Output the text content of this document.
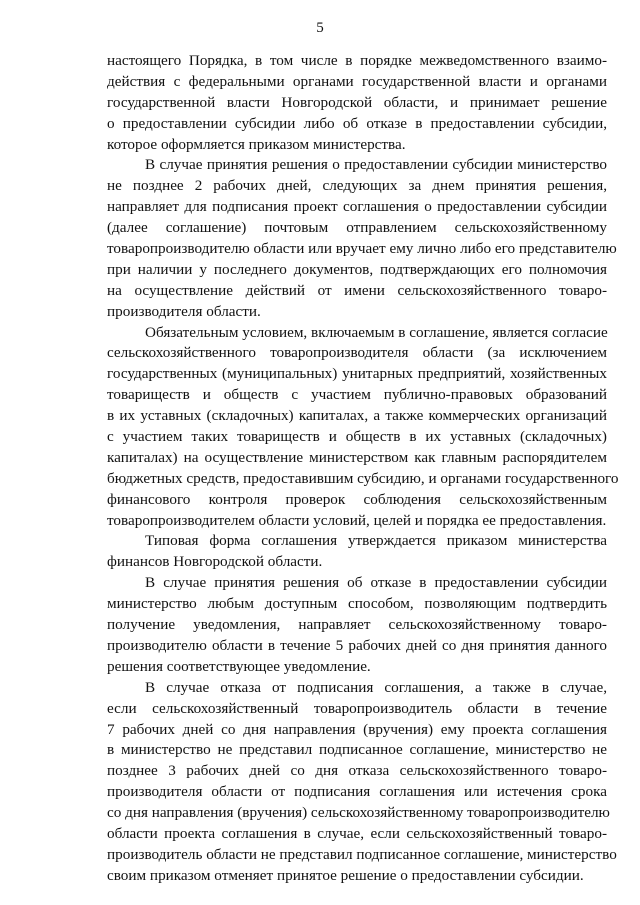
5
настоящего Порядка, в том числе в порядке межведомственного взаимо-
действия с федеральными органами государственной власти и органами
государственной власти Новгородской области, и принимает решение
о предоставлении субсидии либо об отказе в предоставлении субсидии,
которое оформляется приказом министерства.
В случае принятия решения о предоставлении субсидии министерство
не позднее 2 рабочих дней, следующих за днем принятия решения,
направляет для подписания проект соглашения о предоставлении субсидии
(далее соглашение) почтовым отправлением сельскохозяйственному
товаропроизводителю области или вручает ему лично либо его представителю
при наличии у последнего документов, подтверждающих его полномочия
на осуществление действий от имени сельскохозяйственного товаро-
производителя области.
Обязательным условием, включаемым в соглашение, является согласие
сельскохозяйственного товаропроизводителя области (за исключением
государственных (муниципальных) унитарных предприятий, хозяйственных
товариществ и обществ с участием публично-правовых образований
в их уставных (складочных) капиталах, а также коммерческих организаций
с участием таких товариществ и обществ в их уставных (складочных)
капиталах) на осуществление министерством как главным распорядителем
бюджетных средств, предоставившим субсидию, и органами государственного
финансового контроля проверок соблюдения сельскохозяйственным
товаропроизводителем области условий, целей и порядка ее предоставления.
Типовая форма соглашения утверждается приказом министерства
финансов Новгородской области.
В случае принятия решения об отказе в предоставлении субсидии
министерство любым доступным способом, позволяющим подтвердить
получение уведомления, направляет сельскохозяйственному товаро-
производителю области в течение 5 рабочих дней со дня принятия данного
решения соответствующее уведомление.
В случае отказа от подписания соглашения, а также в случае,
если сельскохозяйственный товаропроизводитель области в течение
7 рабочих дней со дня направления (вручения) ему проекта соглашения
в министерство не представил подписанное соглашение, министерство не
позднее 3 рабочих дней со дня отказа сельскохозяйственного товаро-
производителя области от подписания соглашения или истечения срока
со дня направления (вручения) сельскохозяйственному товаропроизводителю
области проекта соглашения в случае, если сельскохозяйственный товаро-
производитель области не представил подписанное соглашение, министерство
своим приказом отменяет принятое решение о предоставлении субсидии.
